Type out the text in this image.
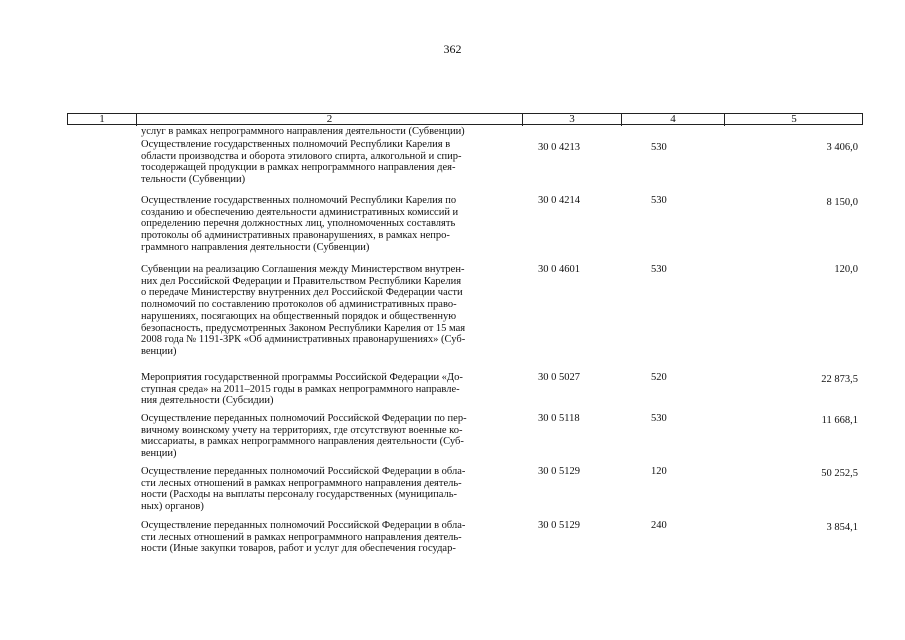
362
1	2	3	4	5
услуг в рамках непрограммного направления деятельности (Субвенции)
Осуществление государственных полномочий Республики Карелия в
области производства и оборота этилового спирта, алкогольной и спир-
тосодержащей продукции в рамках непрограммного направления дея-
тельности (Субвенции)
30 0 4213	530	3 406,0
Осуществление государственных полномочий Республики Карелия по
созданию и обеспечению деятельности административных комиссий и
определению перечня должностных лиц, уполномоченных составлять
протоколы об административных правонарушениях, в рамках непро-
граммного направления деятельности (Субвенции)
30 0 4214	530	8 150,0
Субвенции на реализацию Соглашения между Министерством внутрен-
них дел Российской Федерации и Правительством Республики Карелия
о передаче Министерству внутренних дел Российской Федерации части
полномочий по составлению протоколов об административных право-
нарушениях, посягающих на общественный порядок и общественную
безопасность, предусмотренных Законом Республики Карелия от 15 мая
2008 года № 1191-ЗРК «Об административных правонарушениях» (Суб-
венции)
30 0 4601	530	120,0
Мероприятия государственной программы Российской Федерации «До-
ступная среда» на 2011–2015 годы в рамках непрограммного направле-
ния деятельности (Субсидии)
30 0 5027	520	22 873,5
Осуществление переданных полномочий Российской Федерации по пер-
вичному воинскому учету на территориях, где отсутствуют военные ко-
миссариаты, в рамках непрограммного направления деятельности (Суб-
венции)
30 0 5118	530	11 668,1
Осуществление переданных полномочий Российской Федерации в обла-
сти лесных отношений в рамках непрограммного направления деятель-
ности (Расходы на выплаты персоналу государственных (муниципаль-
ных) органов)
30 0 5129	120	50 252,5
Осуществление переданных полномочий Российской Федерации в обла-
сти лесных отношений в рамках непрограммного направления деятель-
ности (Иные закупки товаров, работ и услуг для обеспечения государ-
30 0 5129	240	3 854,1
